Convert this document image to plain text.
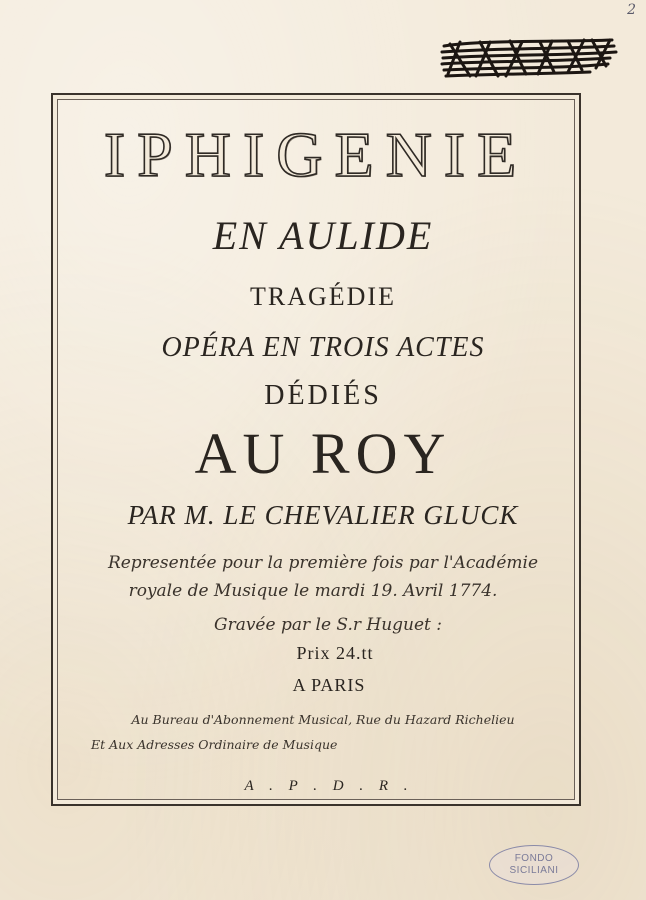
2
IPHIGENIE
EN AULIDE
TRAGÉDIE
OPÉRA EN TROIS ACTES
DÉDIÉS
AU ROY
PAR M. LE CHEVALIER GLUCK
Representée pour la première fois par l'Académie
royale de Musique le mardi 19. Avril 1774.
Gravée par le S.r Huguet :
Prix 24.tt
A PARIS
Au Bureau d'Abonnement Musical, Rue du Hazard Richelieu
Et Aux Adresses Ordinaire de Musique
A . P . D . R .
FONDO
SICILIANI
